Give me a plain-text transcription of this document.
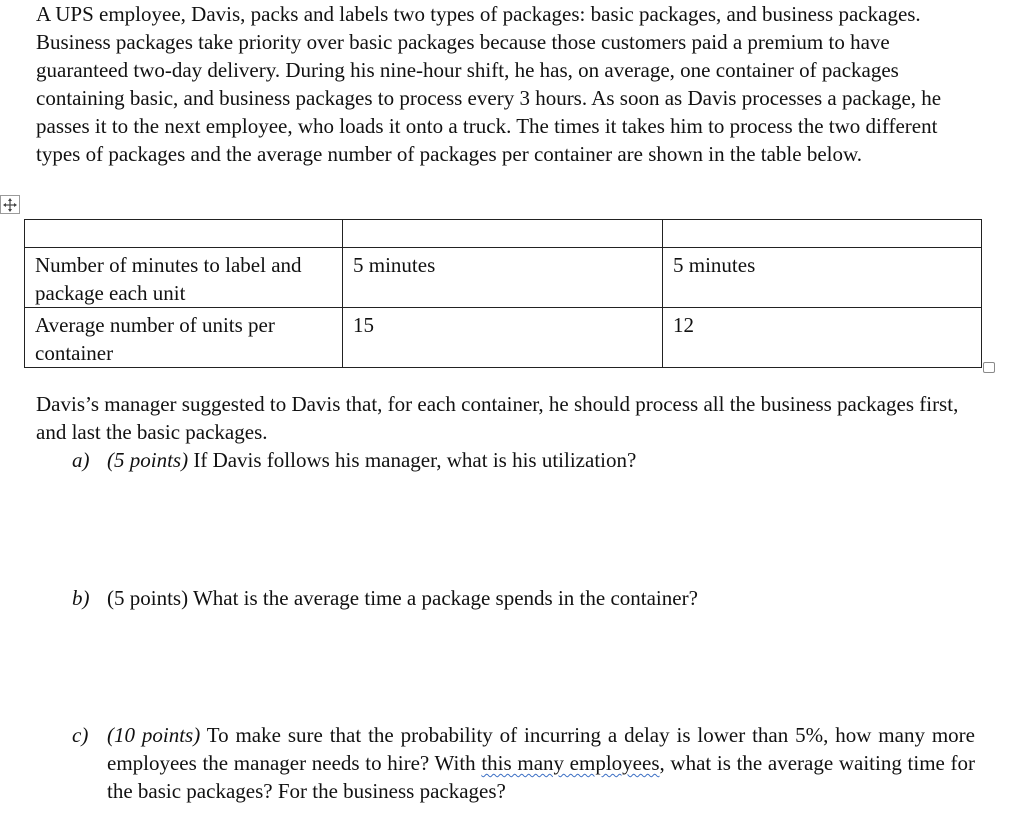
A UPS employee, Davis, packs and labels two types of packages: basic packages, and business packages. Business packages take priority over basic packages because those customers paid a premium to have guaranteed two-day delivery. During his nine-hour shift, he has, on average, one container of packages containing basic, and business packages to process every 3 hours. As soon as Davis processes a package, he passes it to the next employee, who loads it onto a truck. The times it takes him to process the two different types of packages and the average number of packages per container are shown in the table below.

Number of minutes to label and package each unit	5 minutes	5 minutes
Average number of units per container	15	12

Davis’s manager suggested to Davis that, for each container, he should process all the business packages first, and last the basic packages.

a) (5 points) If Davis follows his manager, what is his utilization?
b) (5 points) What is the average time a package spends in the container?
c) (10 points) To make sure that the probability of incurring a delay is lower than 5%, how many more employees the manager needs to hire? With this many employees, what is the average waiting time for the basic packages? For the business packages?
